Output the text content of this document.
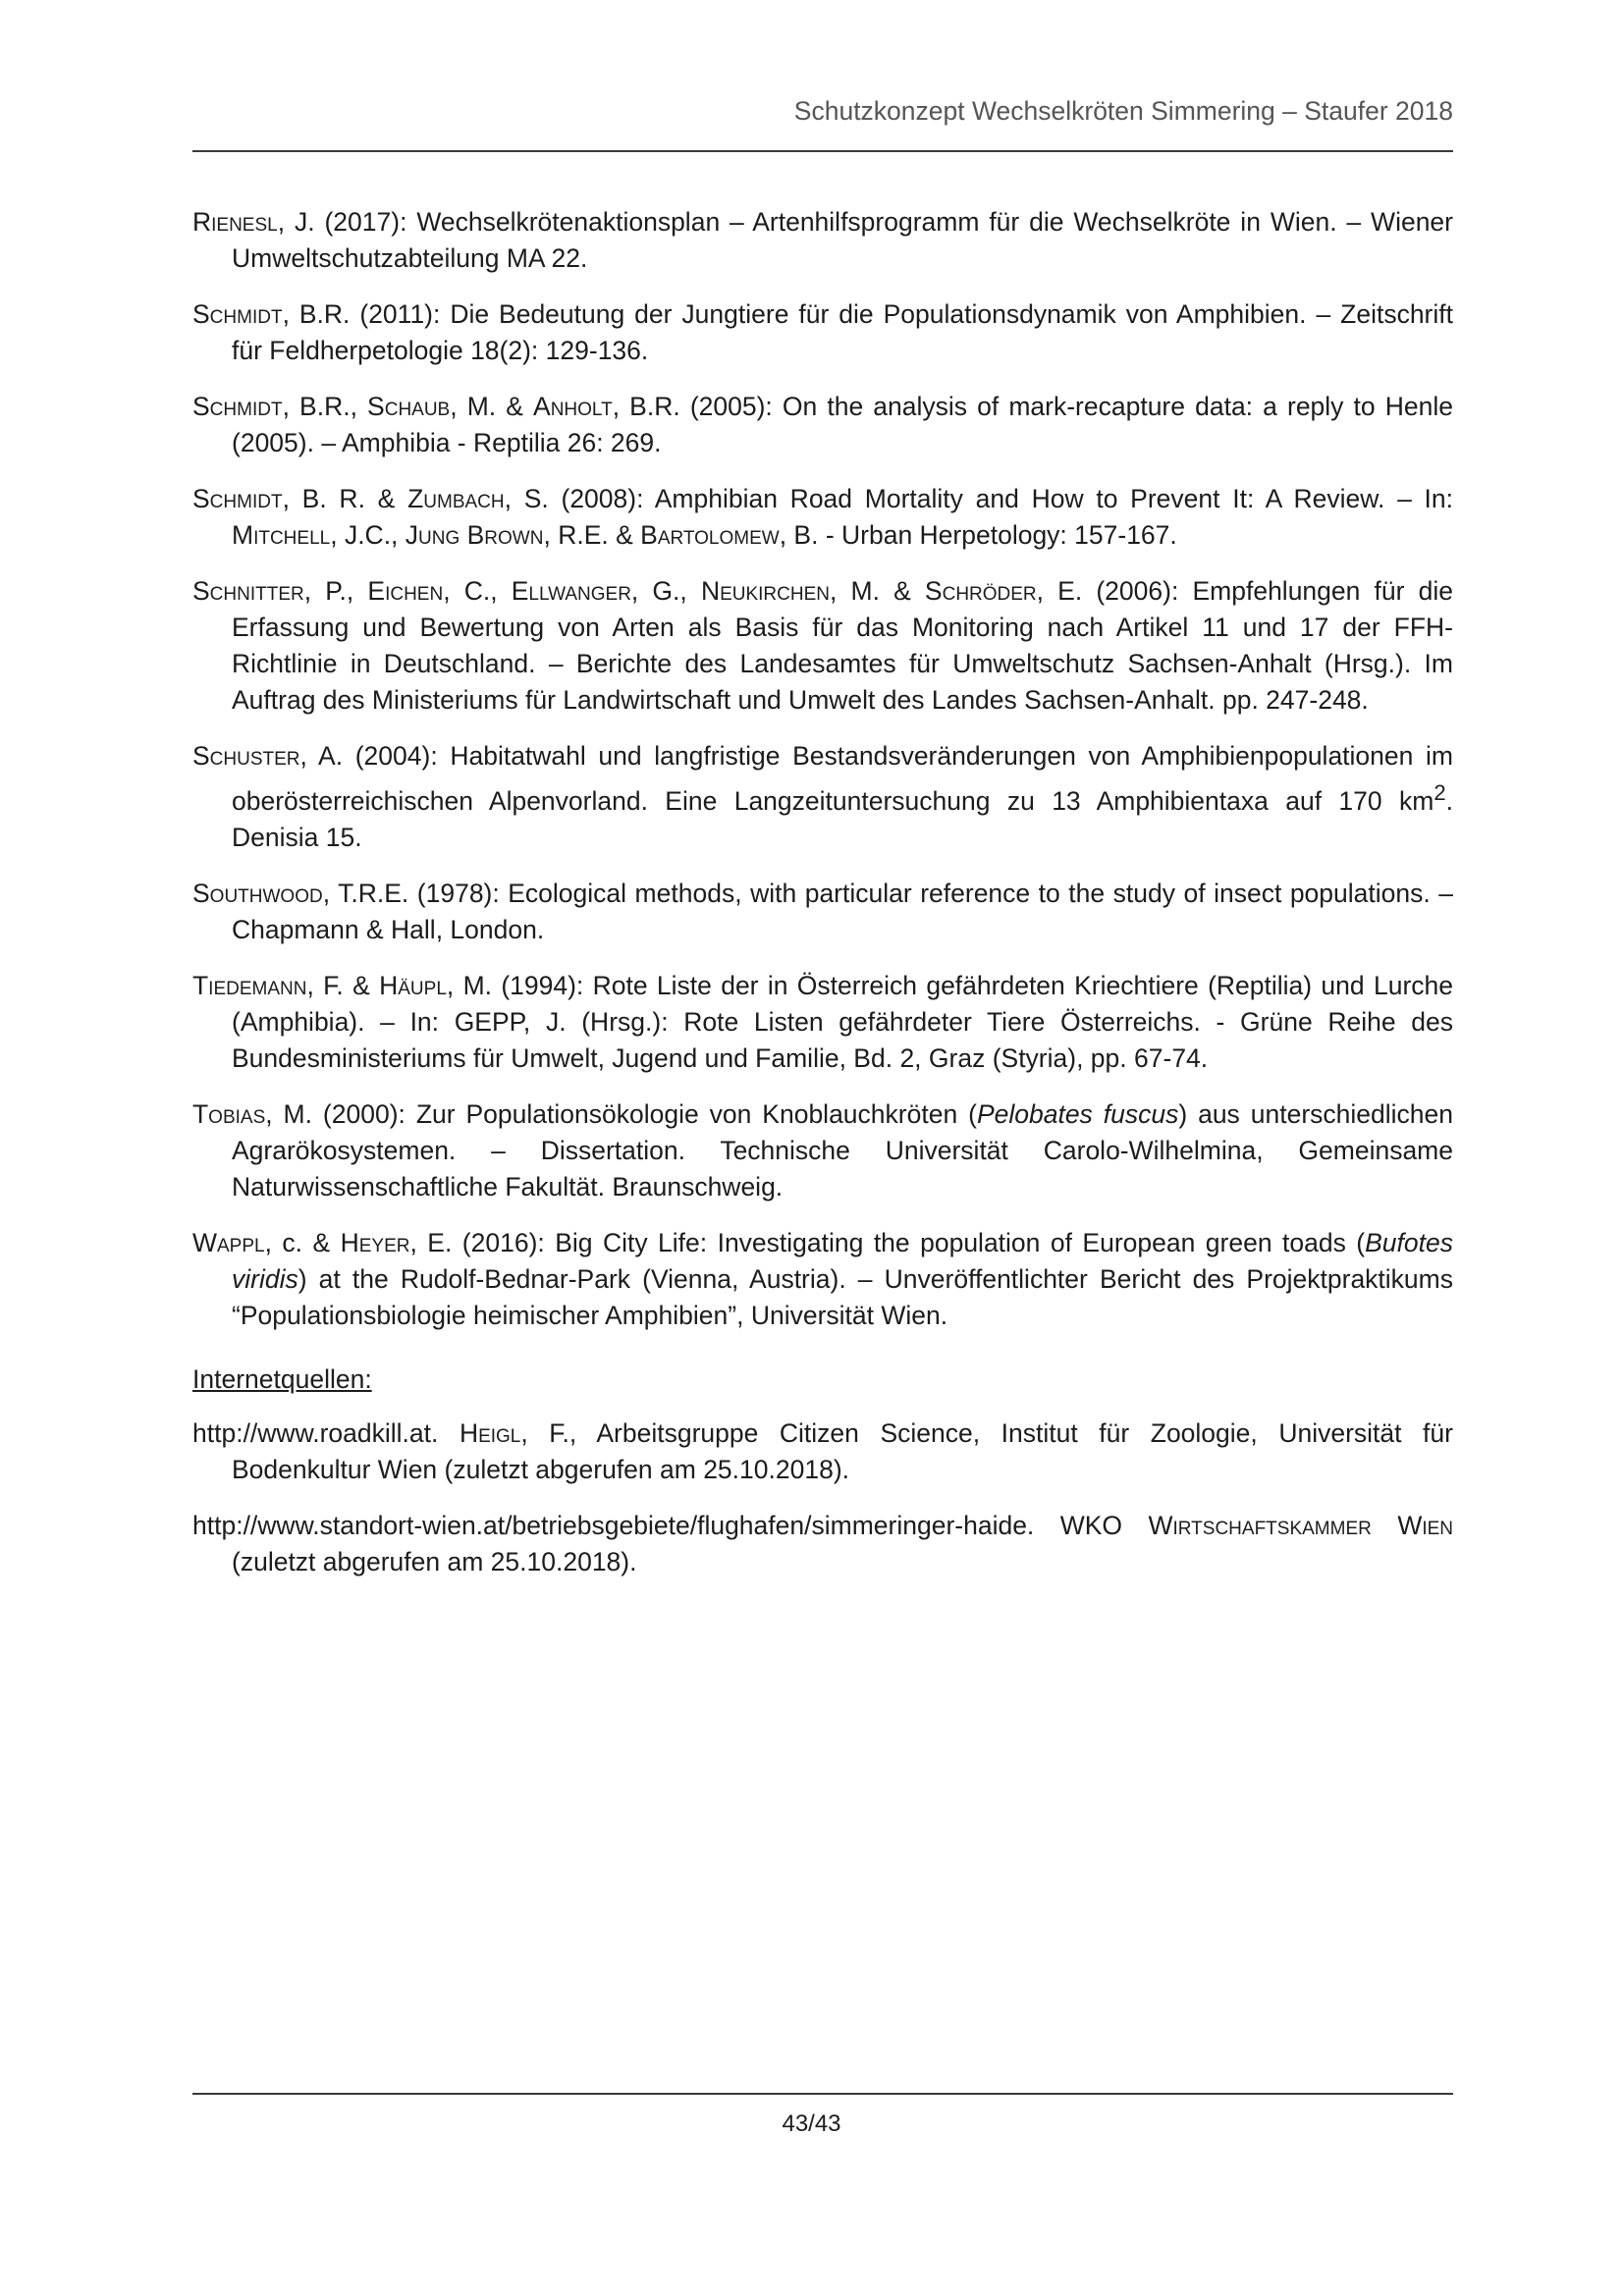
Schutzkonzept Wechselkröten Simmering – Staufer 2018

Rienesl, J. (2017): Wechselkrötenaktionsplan – Artenhilfsprogramm für die Wechselkröte in Wien. – Wiener Umweltschutzabteilung MA 22.

Schmidt, B.R. (2011): Die Bedeutung der Jungtiere für die Populationsdynamik von Amphibien. – Zeitschrift für Feldherpetologie 18(2): 129-136.

Schmidt, B.R., Schaub, M. & Anholt, B.R. (2005): On the analysis of mark-recapture data: a reply to Henle (2005). – Amphibia - Reptilia 26: 269.

Schmidt, B. R. & Zumbach, S. (2008): Amphibian Road Mortality and How to Prevent It: A Review. – In: Mitchell, J.C., Jung Brown, R.E. & Bartolomew, B. - Urban Herpetology: 157-167.

Schnitter, P., Eichen, C., Ellwanger, G., Neukirchen, M. & Schröder, E. (2006): Empfehlungen für die Erfassung und Bewertung von Arten als Basis für das Monitoring nach Artikel 11 und 17 der FFH-Richtlinie in Deutschland. – Berichte des Landesamtes für Umweltschutz Sachsen-Anhalt (Hrsg.). Im Auftrag des Ministeriums für Landwirtschaft und Umwelt des Landes Sachsen-Anhalt. pp. 247-248.

Schuster, A. (2004): Habitatwahl und langfristige Bestandsveränderungen von Amphibienpopulationen im oberösterreichischen Alpenvorland. Eine Langzeituntersuchung zu 13 Amphibientaxa auf 170 $km^2$. Denisia 15.

Southwood, T.R.E. (1978): Ecological methods, with particular reference to the study of insect populations. – Chapmann & Hall, London.

Tiedemann, F. & Häupl, M. (1994): Rote Liste der in Österreich gefährdeten Kriechtiere (Reptilia) und Lurche (Amphibia). – In: GEPP, J. (Hrsg.): Rote Listen gefährdeter Tiere Österreichs. - Grüne Reihe des Bundesministeriums für Umwelt, Jugend und Familie, Bd. 2, Graz (Styria), pp. 67-74.

Tobias, M. (2000): Zur Populationsökologie von Knoblauchkröten (Pelobates fuscus) aus unterschiedlichen Agrarökosystemen. – Dissertation. Technische Universität Carolo-Wilhelmina, Gemeinsame Naturwissenschaftliche Fakultät. Braunschweig.

Wappl, c. & Heyer, E. (2016): Big City Life: Investigating the population of European green toads (Bufotes viridis) at the Rudolf-Bednar-Park (Vienna, Austria). – Unveröffentlichter Bericht des Projektpraktikums “Populationsbiologie heimischer Amphibien”, Universität Wien.

Internetquellen:

http://www.roadkill.at. Heigl, F., Arbeitsgruppe Citizen Science, Institut für Zoologie, Universität für Bodenkultur Wien (zuletzt abgerufen am 25.10.2018).

http://www.standort-wien.at/betriebsgebiete/flughafen/simmeringer-haide. WKO Wirtschaftskammer Wien (zuletzt abgerufen am 25.10.2018).

43/43
